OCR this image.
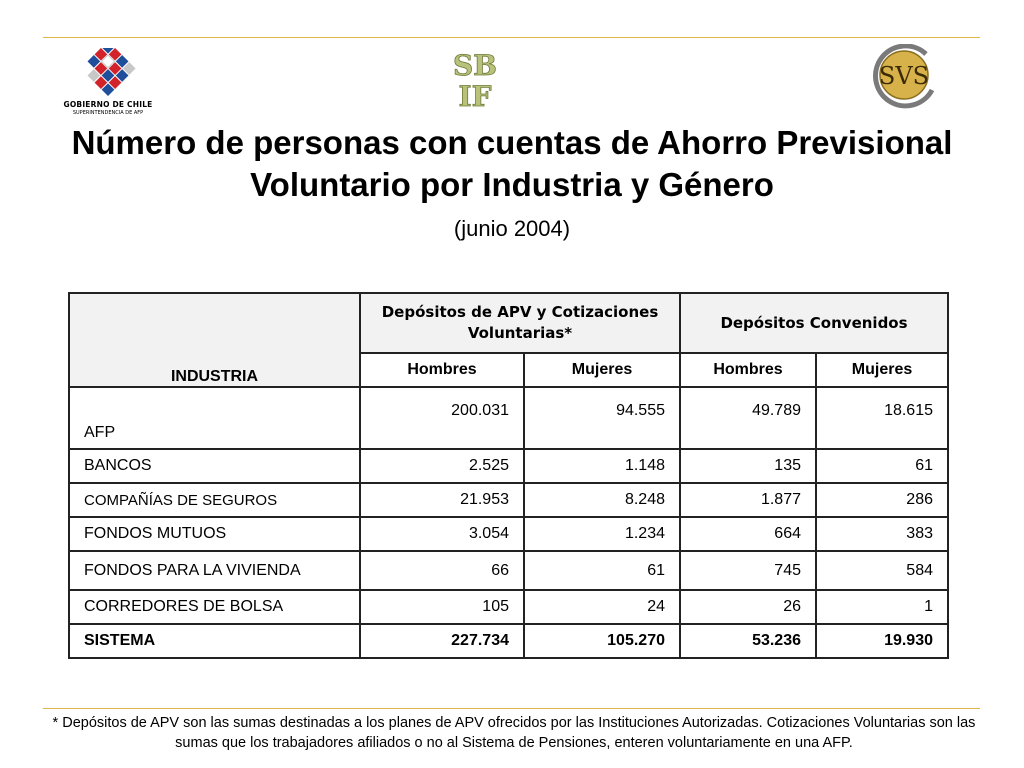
GOBIERNO DE CHILE
SUPERINTENDENCIA DE AFP
SB
IF
SVS
Número de personas con cuentas de Ahorro Previsional Voluntario por Industria y Género
(junio 2004)
INDUSTRIA	Depósitos de APV y Cotizaciones Voluntarias*		Depósitos Convenidos	
	Hombres	Mujeres	Hombres	Mujeres
AFP	200.031	94.555	49.789	18.615
BANCOS	2.525	1.148	135	61
COMPAÑÍAS DE SEGUROS	21.953	8.248	1.877	286
FONDOS MUTUOS	3.054	1.234	664	383
FONDOS PARA LA VIVIENDA	66	61	745	584
CORREDORES DE BOLSA	105	24	26	1
SISTEMA	227.734	105.270	53.236	19.930
* Depósitos de APV son las sumas destinadas a los planes de APV ofrecidos por las Instituciones Autorizadas. Cotizaciones Voluntarias son las sumas que los trabajadores afiliados o no al Sistema de Pensiones, enteren voluntariamente en una AFP.
